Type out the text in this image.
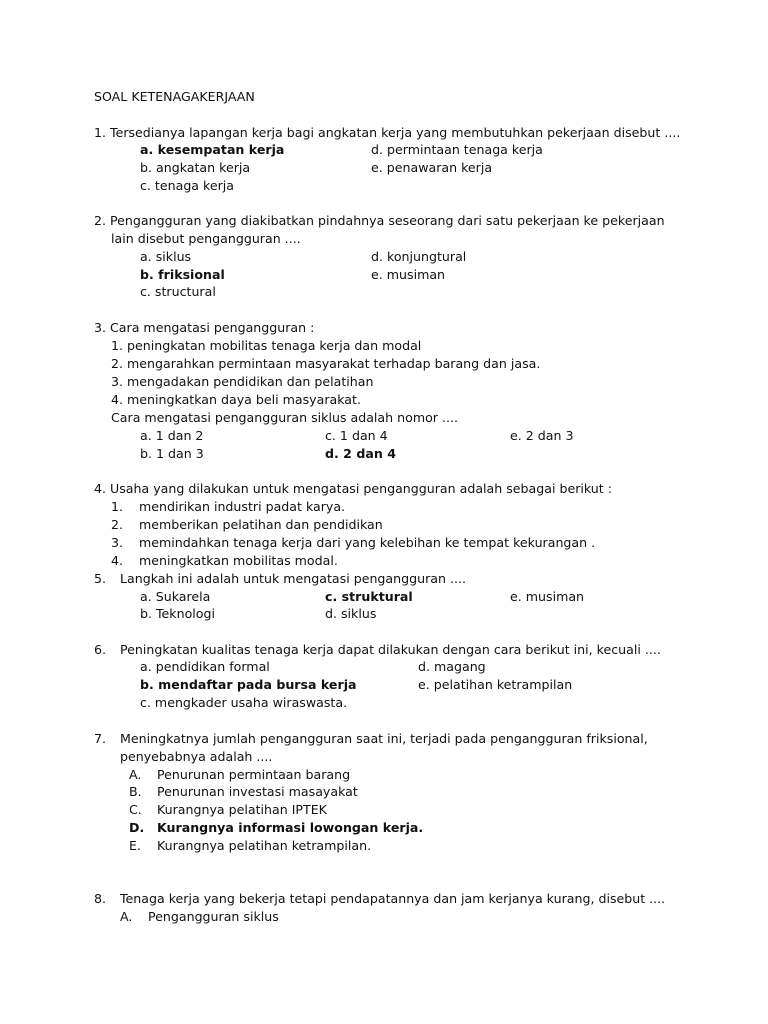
SOAL KETENAGAKERJAAN
1. Tersedianya lapangan kerja bagi angkatan kerja yang membutuhkan pekerjaan disebut ....
a. kesempatan kerja	d. permintaan tenaga kerja
b. angkatan kerja	e. penawaran kerja
c. tenaga kerja
2. Pengangguran yang diakibatkan pindahnya seseorang dari satu pekerjaan ke pekerjaan
lain disebut pengangguran ....
a. siklus	d. konjungtural
b. friksional	e. musiman
c. structural
3. Cara mengatasi pengangguran :
1. peningkatan mobilitas tenaga kerja dan modal
2. mengarahkan permintaan masyarakat terhadap barang dan jasa.
3. mengadakan pendidikan dan pelatihan
4. meningkatkan daya beli masyarakat.
Cara mengatasi pengangguran siklus adalah nomor ....
a. 1 dan 2	c. 1 dan 4	e. 2 dan 3
b. 1 dan 3	d. 2 dan 4
4. Usaha yang dilakukan untuk mengatasi pengangguran adalah sebagai berikut :
1. mendirikan industri padat karya.
2. memberikan pelatihan dan pendidikan
3. memindahkan tenaga kerja dari yang kelebihan ke tempat kekurangan .
4. meningkatkan mobilitas modal.
5. Langkah ini adalah untuk mengatasi pengangguran ....
a. Sukarela	c. struktural	e. musiman
b. Teknologi	d. siklus
6. Peningkatan kualitas tenaga kerja dapat dilakukan dengan cara berikut ini, kecuali ....
a. pendidikan formal	d. magang
b. mendaftar pada bursa kerja	e. pelatihan ketrampilan
c. mengkader usaha wiraswasta.
7. Meningkatnya jumlah pengangguran saat ini, terjadi pada pengangguran friksional,
penyebabnya adalah ....
A. Penurunan permintaan barang
B. Penurunan investasi masayakat
C. Kurangnya pelatihan IPTEK
D. Kurangnya informasi lowongan kerja.
E. Kurangnya pelatihan ketrampilan.
8. Tenaga kerja yang bekerja tetapi pendapatannya dan jam kerjanya kurang, disebut ....
A. Pengangguran siklus
